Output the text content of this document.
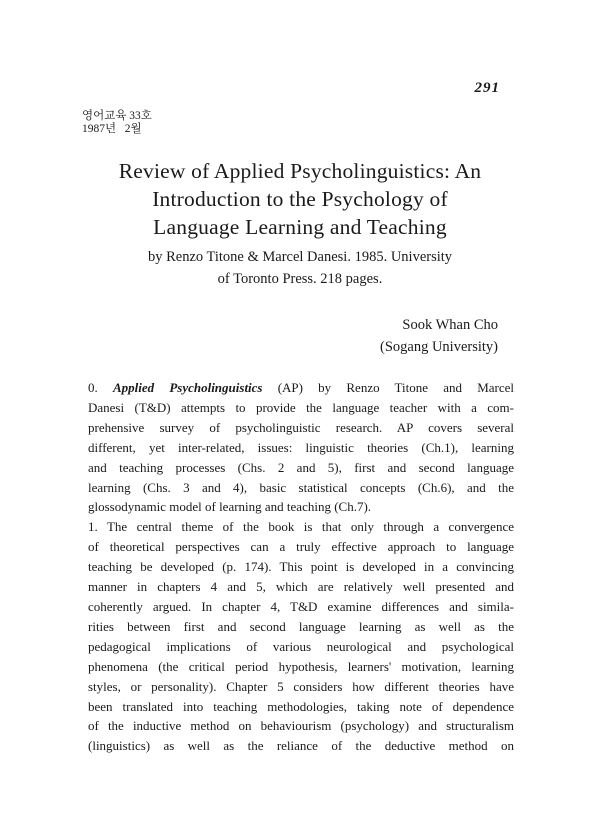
291
영어교육 33호
1987년   2월
Review of Applied Psycholinguistics: An
Introduction to the Psychology of
Language Learning and Teaching
by Renzo Titone & Marcel Danesi. 1985. University
of Toronto Press. 218 pages.
Sook Whan Cho
(Sogang University)

0. Applied Psycholinguistics (AP) by Renzo Titone and Marcel
Danesi (T&D) attempts to provide the language teacher with a com-
prehensive survey of psycholinguistic research. AP covers several
different, yet inter-related, issues: linguistic theories (Ch.1), learning
and teaching processes (Chs. 2 and 5), first and second language
learning (Chs. 3 and 4), basic statistical concepts (Ch.6), and the
glossodynamic model of learning and teaching (Ch.7).

1. The central theme of the book is that only through a convergence
of theoretical perspectives can a truly effective approach to language
teaching be developed (p. 174). This point is developed in a convincing
manner in chapters 4 and 5, which are relatively well presented and
coherently argued. In chapter 4, T&D examine differences and simila-
rities between first and second language learning as well as the
pedagogical implications of various neurological and psychological
phenomena (the critical period hypothesis, learners' motivation, learning
styles, or personality). Chapter 5 considers how different theories have
been translated into teaching methodologies, taking note of dependence
of the inductive method on behaviourism (psychology) and structuralism
(linguistics) as well as the reliance of the deductive method on
